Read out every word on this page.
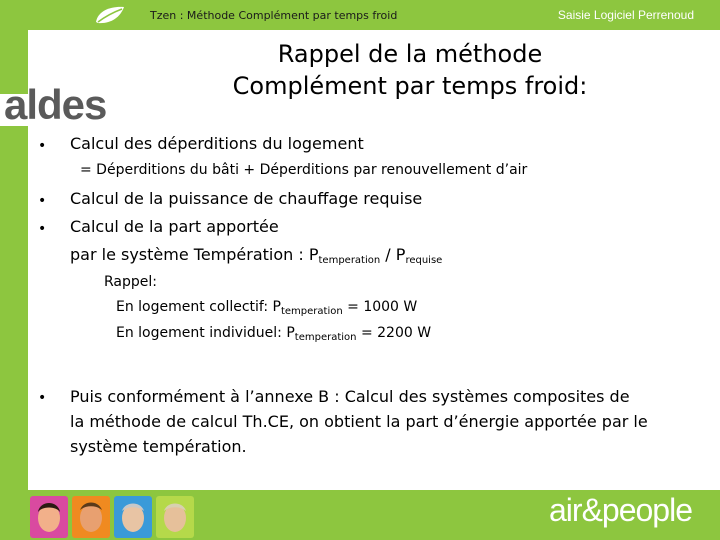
Tzen : Méthode Complément par temps froid	Saisie Logiciel Perrenoud
aldes
Rappel de la méthode
Complément par temps froid:
• Calcul des déperditions du logement
= Déperditions du bâti + Déperditions par renouvellement d’air
• Calcul de la puissance de chauffage requise
• Calcul de la part apportée
par le système Températion : $P_{temperation} / P_{requise}$
Rappel:
En logement collectif: $P_{temperation} = 1000$ W
En logement individuel: $P_{temperation} = 2200$ W
• Puis conformément à l’annexe B : Calcul des systèmes composites de
la méthode de calcul Th.CE, on obtient la part d’énergie apportée par le
système températion.
air&people
